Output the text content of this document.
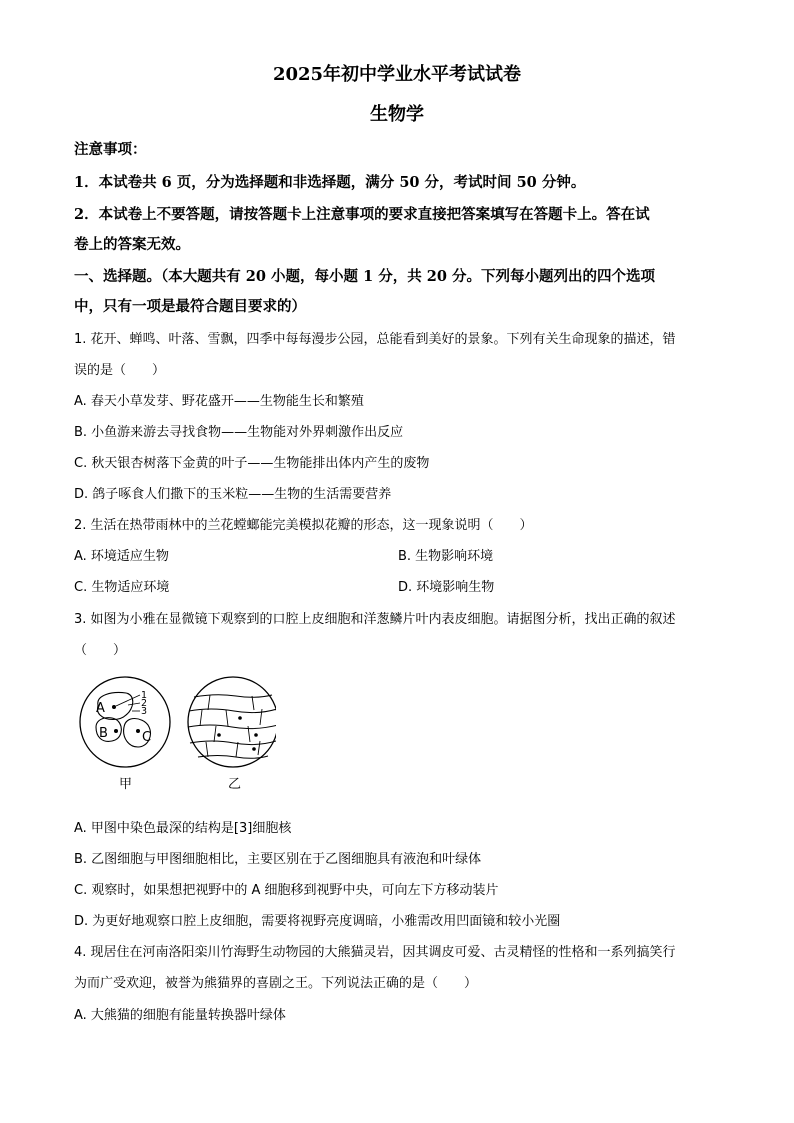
2025年初中学业水平考试试卷
生物学
注意事项：
1．本试卷共 6 页，分为选择题和非选择题，满分 50 分，考试时间 50 分钟。
2．本试卷上不要答题，请按答题卡上注意事项的要求直接把答案填写在答题卡上。答在试
卷上的答案无效。
一、选择题。（本大题共有 20 小题，每小题 1 分，共 20 分。下列每小题列出的四个选项
中，只有一项是最符合题目要求的）
1. 花开、蝉鸣、叶落、雪飘，四季中每每漫步公园，总能看到美好的景象。下列有关生命现象的描述，错
误的是（　　）
A. 春天小草发芽、野花盛开——生物能生长和繁殖
B. 小鱼游来游去寻找食物——生物能对外界刺激作出反应
C. 秋天银杏树落下金黄的叶子——生物能排出体内产生的废物
D. 鸽子啄食人们撒下的玉米粒——生物的生活需要营养
2. 生活在热带雨林中的兰花螳螂能完美模拟花瓣的形态，这一现象说明（　　）
A. 环境适应生物	B. 生物影响环境
C. 生物适应环境	D. 环境影响生物
3. 如图为小雅在显微镜下观察到的口腔上皮细胞和洋葱鳞片叶内表皮细胞。请据图分析，找出正确的叙述
（　　）
A
B	C
1
2
3
甲	乙
A. 甲图中染色最深的结构是[3]细胞核
B. 乙图细胞与甲图细胞相比，主要区别在于乙图细胞具有液泡和叶绿体
C. 观察时，如果想把视野中的 A 细胞移到视野中央，可向左下方移动装片
D. 为更好地观察口腔上皮细胞，需要将视野亮度调暗，小雅需改用凹面镜和较小光圈
4. 现居住在河南洛阳栾川竹海野生动物园的大熊猫灵岩，因其调皮可爱、古灵精怪的性格和一系列搞笑行
为而广受欢迎，被誉为熊猫界的喜剧之王。下列说法正确的是（　　）
A. 大熊猫的细胞有能量转换器叶绿体
